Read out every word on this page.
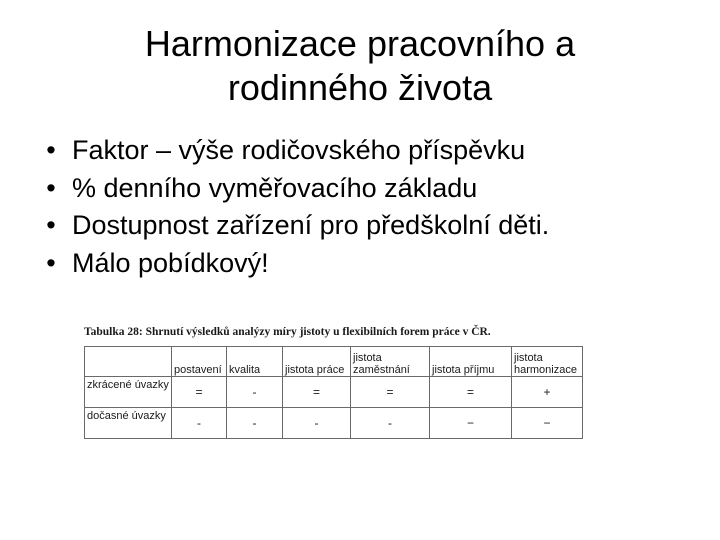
Harmonizace pracovního a
rodinného života
• Faktor – výše rodičovského příspěvku
• % denního vyměřovacího základu
• Dostupnost zařízení pro předškolní děti.
• Málo pobídkový!
Tabulka 28: Shrnutí výsledků analýzy míry jistoty u flexibilních forem práce v ČR.
	postavení	kvalita	jistota práce	jistota zaměstnání	jistota příjmu	jistota harmonizace
zkrácené úvazky	=	-	=	=	=	+
dočasné úvazky	-	-	-	-	−	−
